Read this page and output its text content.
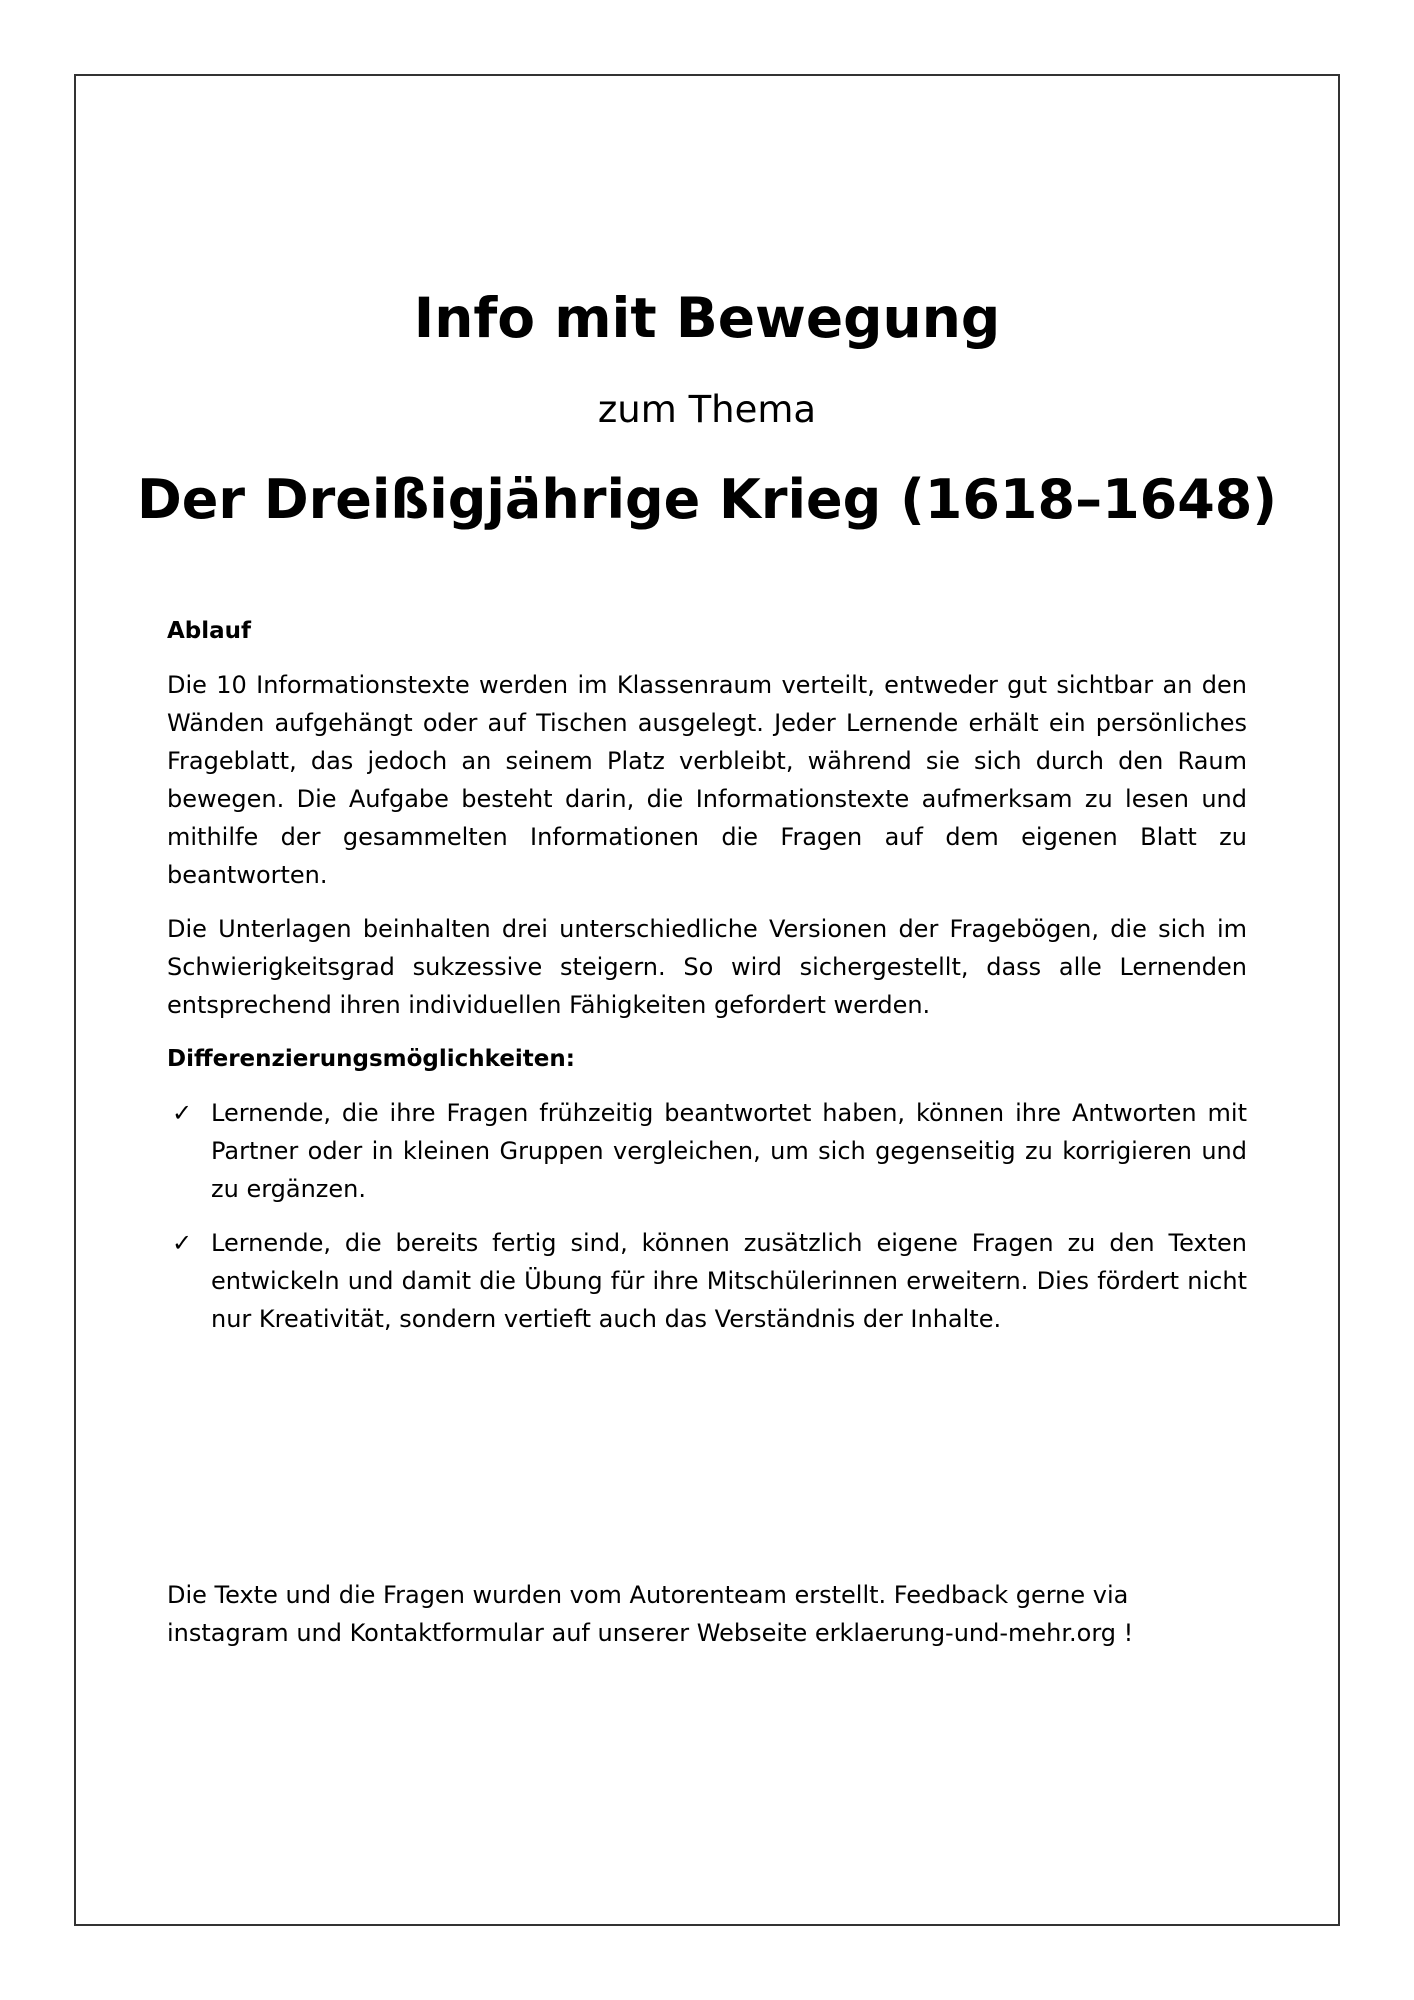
Info mit Bewegung
zum Thema
Der Dreißigjährige Krieg (1618–1648)
Ablauf

Die 10 Informationstexte werden im Klassenraum verteilt, entweder gut sichtbar an den Wänden aufgehängt oder auf Tischen ausgelegt. Jeder Lernende erhält ein persönliches Frageblatt, das jedoch an seinem Platz verbleibt, während sie sich durch den Raum bewegen. Die Aufgabe besteht darin, die Informationstexte aufmerksam zu lesen und mithilfe der gesammelten Informationen die Fragen auf dem eigenen Blatt zu beantworten.

Die Unterlagen beinhalten drei unterschiedliche Versionen der Fragebögen, die sich im Schwierigkeitsgrad sukzessive steigern. So wird sichergestellt, dass alle Lernenden entsprechend ihren individuellen Fähigkeiten gefordert werden.

Differenzierungsmöglichkeiten:
✓ Lernende, die ihre Fragen frühzeitig beantwortet haben, können ihre Antworten mit Partner oder in kleinen Gruppen vergleichen, um sich gegenseitig zu korrigieren und zu ergänzen.
✓ Lernende, die bereits fertig sind, können zusätzlich eigene Fragen zu den Texten entwickeln und damit die Übung für ihre Mitschülerinnen erweitern. Dies fördert nicht nur Kreativität, sondern vertieft auch das Verständnis der Inhalte.

Die Texte und die Fragen wurden vom Autorenteam erstellt. Feedback gerne via
instagram und Kontaktformular auf unserer Webseite erklaerung-und-mehr.org !
